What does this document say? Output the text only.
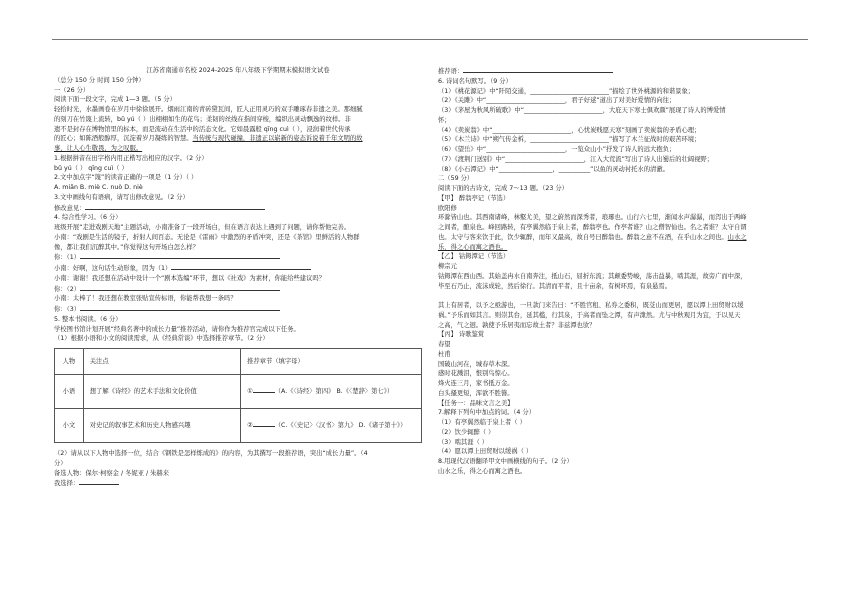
江苏省南通市名校 2024-2025 年八年级下学期期末模拟语文试卷

（总分 150 分 时间 150 分钟）

一（26 分）

阅读下面一段文字，完成 1—3 题。（5 分）

轻拾时光，水墨画卷在岁月中徐徐展开。烟雨江南的青砖黛瓦间，匠人正用灵巧的双手雕琢春非遗之美。那细腻

的刻刀在竹篾上流转，bǔ yú（ ）出栩栩如生的花鸟；柔韧的丝线在指间穿梭，编织出灵动飘逸的纹样。非

遗不是封存在博物馆里的标本，而是流动在生活中的活态文化。它如晨露般 qīng cuì（ ），浸润着世代传承

的匠心；如陈酒般醇厚，沉淀着岁月凝练的智慧。当传统与现代碰撞，非遗正以崭新的姿态诉说着千年文明的故

事，让人心生敬畏，为之叹服。

1.根据拼音在田字格内用正楷写出相应的汉字。（2 分）

bǔ yú（ ） qīng cuì（ ）

2.文中加点字“篾”的读音正确的一项是（1 分）（ ）

A. miǎn B. miè C. nuò D. niè

3.文中画线句有语病，请写出修改意见。（2 分）

修改意见：

4. 综合性学习。（6 分）

班级开展“走进戏剧天地”主题活动，小南准备了一段开场白，但在语言表达上遇到了问题，请你帮他完善。

小南：“戏剧是生活的镜子，折射人间百态。无论是《雷雨》中激烈的矛盾冲突，还是《茶馆》里鲜活的人物群

像，都让我们沉醉其中。”你觉得这句开场白怎么样？

你：（1）

小南：好啊，这句话生动形象，因为（1）

小南：谢谢！我还想在活动中设计一个“剧本选编”环节，想以《社戏》为素材，你能给些建议吗？

你：（2）

小南：太棒了！我还想在教室张贴宣传标语，你能帮我想一条吗？

你：（3）

5. 整本书阅读。（6 分）

学校图书馆计划开展“经典名著中的成长力量”推荐活动，请你作为推荐官完成以下任务。

（1）根据小语和小文的阅读需求，从《经典常谈》中选择推荐章节。（2 分）

人物	关注点	推荐章节（填字母）
小语	想了解《诗经》的艺术手法和文化价值	① （A.《〈诗经〉第四》 B.《〈楚辞〉第七》）
小文	对史记的叙事艺术和历史人物感兴趣	② （C.《〈史记〉〈汉书〉第九》 D.《诸子第十》）

（2）请从以下人物中选择一位，结合《钢铁是怎样炼成的》的内容，为其撰写一段推荐语，突出“成长力量”。（4

分）

备选人物：保尔·柯察金 / 冬妮亚 / 朱赫来

我选择：

推荐语：

6. 诗词名句默写。（9 分）

（1）《桃花源记》中“阡陌交通，_________________________”描绘了世外桃源的和谐景象；

（2）《关雎》中“_________________________，君子好逑”道出了对美好爱情的向往；

（3）《茅屋为秋风所破歌》中“_________________________，大庇天下寒士俱欢颜”展现了诗人的博爱情

怀；

（4）《卖炭翁》中“_________________________，心忧炭贱愿天寒”刻画了卖炭翁的矛盾心理；

（5）《木兰诗》中“朔气传金柝，_________________________”描写了木兰征战时的艰苦环境；

（6）《望岳》中“_________________________，一览众山小”抒发了诗人的远大抱负；

（7）《渡荆门送别》中“_________________________，江入大荒流”写出了诗人出蜀后的壮阔视野；

（8）《小石潭记》中“_________________，__________”以鱼的灵动衬托水的清澈。

二（59 分）

阅读下面的古诗文，完成 7～13 题。（23 分）

【甲】 醉翁亭记（节选）

欧阳修

环滁皆山也。其西南诸峰，林壑尤美，望之蔚然而深秀者，琅琊也。山行六七里，渐闻水声潺潺，而泻出于两峰

之间者，酿泉也。峰回路转，有亭翼然临于泉上者，醉翁亭也。作亭者谁？山之僧智仙也。名之者谁？太守自谓

也。太守与客来饮于此，饮少辄醉，而年又最高，故自号曰醉翁也。醉翁之意不在酒，在乎山水之间也。山水之

乐，得之心而寓之酒也。

【乙】 钴鉧潭记（节选）

柳宗元

钴鉧潭在西山西。其始盖冉水自南奔注，抵山石，屈折东流；其颠委势峻，荡击益暴，啮其涯，故旁广而中深，

毕至石乃止，流沫成轮，然后徐行。其清而平者，且十亩余，有树环焉，有泉悬焉。

其上有居者，以予之亟游也，一旦款门来告曰：“不胜官租、私券之委积，既芟山而更居，愿以潭上田贸财以缓

祸。”予乐而如其言。则崇其台，延其槛，行其泉，于高者而坠之潭，有声潨然。尤与中秋观月为宜，于以见天

之高，气之迥。孰使予乐居夷而忘故土者？非兹潭也欤？

【丙】 诗歌鉴赏

春望

杜甫

国破山河在，城春草木深。

感时花溅泪，恨别鸟惊心。

烽火连三月，家书抵万金。

白头搔更短，浑欲不胜簪。

【任务一：品味文言之美】

7.解释下列句中加点的词。（4 分）

（1）有亭翼然临于泉上者（ ）

（2）饮少辄醉（ ）

（3）啮其涯（ ）

（4）愿以潭上田贸财以缓祸（ ）

8.用现代汉语翻译甲文中画横线的句子。（2 分）

山水之乐，得之心而寓之酒也。
